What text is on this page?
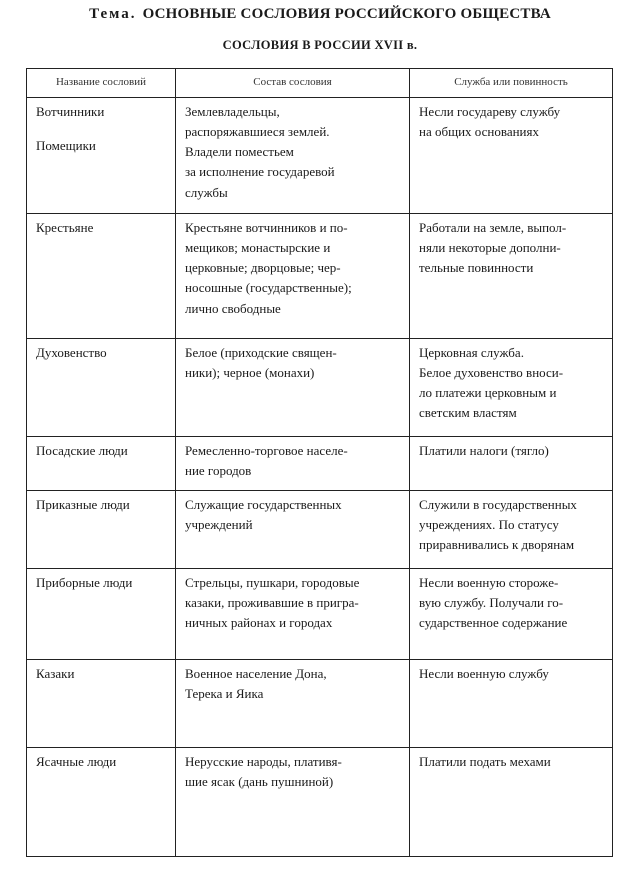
Тема. ОСНОВНЫЕ СОСЛОВИЯ РОССИЙСКОГО ОБЩЕСТВА
СОСЛОВИЯ В РОССИИ XVII в.
Название сословий	Состав сословия	Служба или повинность

Вотчинники
Помещики	Землевладельцы,
распоряжавшиеся землей.
Владели поместьем
за исполнение государевой
службы	Несли государеву службу
на общих основаниях

Крестьяне	Крестьяне вотчинников и по-
мещиков; монастырские и
церковные; дворцовые; чер-
носошные (государственные);
лично свободные	Работали на земле, выпол-
няли некоторые дополни-
тельные повинности

Духовенство	Белое (приходские священ-
ники); черное (монахи)	Церковная служба.
Белое духовенство вноси-
ло платежи церковным и
светским властям

Посадские люди	Ремесленно-торговое населе-
ние городов	Платили налоги (тягло)

Приказные люди	Служащие государственных
учреждений	Служили в государственных
учреждениях. По статусу
приравнивались к дворянам

Приборные люди	Стрельцы, пушкари, городовые
казаки, проживавшие в пригра-
ничных районах и городах	Несли военную сторожe-
вую службу. Получали го-
сударственное содержание

Казаки	Военное население Дона,
Терека и Яика	Несли военную службу

Ясачные люди	Нерусские народы, плативя-
шие ясак (дань пушниной)	Платили подать мехами
